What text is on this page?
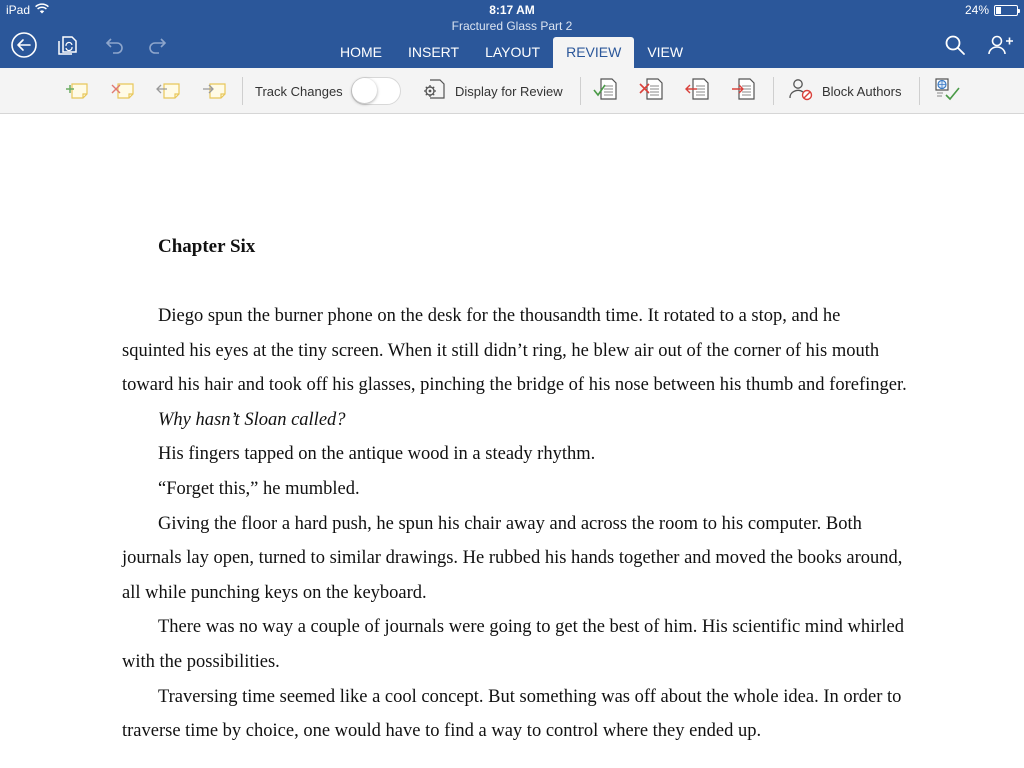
iPad	8:17 AM	24%
Fractured Glass Part 2
HOME	INSERT	LAYOUT	REVIEW	VIEW
Track Changes	Display for Review	Block Authors
Chapter Six

Diego spun the burner phone on the desk for the thousandth time. It rotated to a stop, and he squinted his eyes at the tiny screen. When it still didn’t ring, he blew air out of the corner of his mouth toward his hair and took off his glasses, pinching the bridge of his nose between his thumb and forefinger.

Why hasn’t Sloan called?

His fingers tapped on the antique wood in a steady rhythm.

“Forget this,” he mumbled.

Giving the floor a hard push, he spun his chair away and across the room to his computer. Both journals lay open, turned to similar drawings. He rubbed his hands together and moved the books around, all while punching keys on the keyboard.

There was no way a couple of journals were going to get the best of him. His scientific mind whirled with the possibilities.

Traversing time seemed like a cool concept. But something was off about the whole idea. In order to traverse time by choice, one would have to find a way to control where they ended up.
